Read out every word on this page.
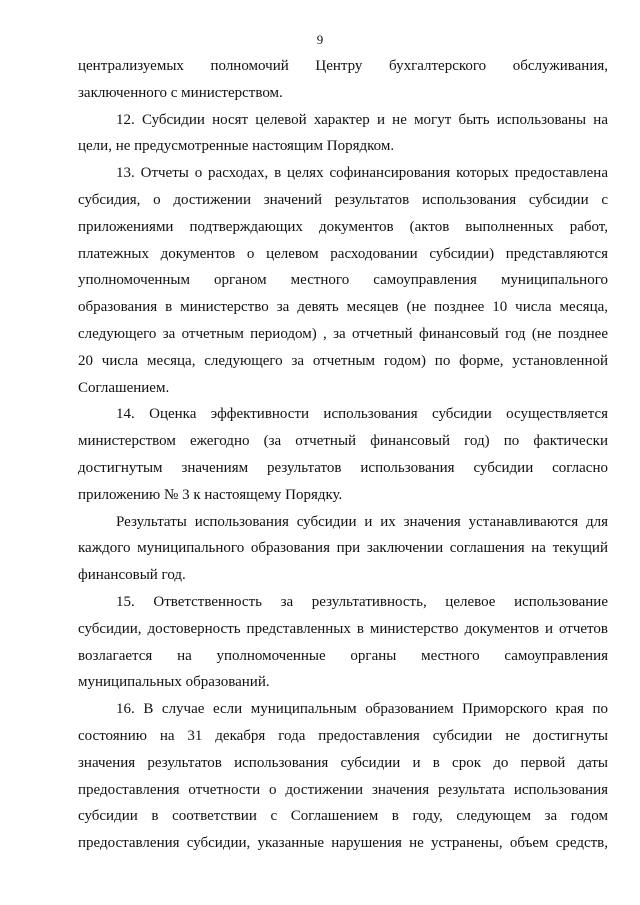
9
централизуемых полномочий Центру бухгалтерского обслуживания,
заключенного с министерством.
12. Субсидии носят целевой характер и не могут быть использованы на
цели, не предусмотренные настоящим Порядком.
13. Отчеты о расходах, в целях софинансирования которых предоставлена
субсидия, о достижении значений результатов использования субсидии с
приложениями подтверждающих документов (актов выполненных работ,
платежных документов о целевом расходовании субсидии) представляются
уполномоченным органом местного самоуправления муниципального
образования в министерство за девять месяцев (не позднее 10 числа месяца,
следующего за отчетным периодом) , за отчетный финансовый год (не позднее
20 числа месяца, следующего за отчетным годом) по форме, установленной
Соглашением.
14. Оценка эффективности использования субсидии осуществляется
министерством ежегодно (за отчетный финансовый год) по фактически
достигнутым значениям результатов использования субсидии согласно
приложению № 3 к настоящему Порядку.
Результаты использования субсидии и их значения устанавливаются для
каждого муниципального образования при заключении соглашения на текущий
финансовый год.
15. Ответственность за результативность, целевое использование
субсидии, достоверность представленных в министерство документов и отчетов
возлагается на уполномоченные органы местного самоуправления
муниципальных образований.
16. В случае если муниципальным образованием Приморского края по
состоянию на 31 декабря года предоставления субсидии не достигнуты
значения результатов использования субсидии и в срок до первой даты
предоставления отчетности о достижении значения результата использования
субсидии в соответствии с Соглашением в году, следующем за годом
предоставления субсидии, указанные нарушения не устранены, объем средств,
